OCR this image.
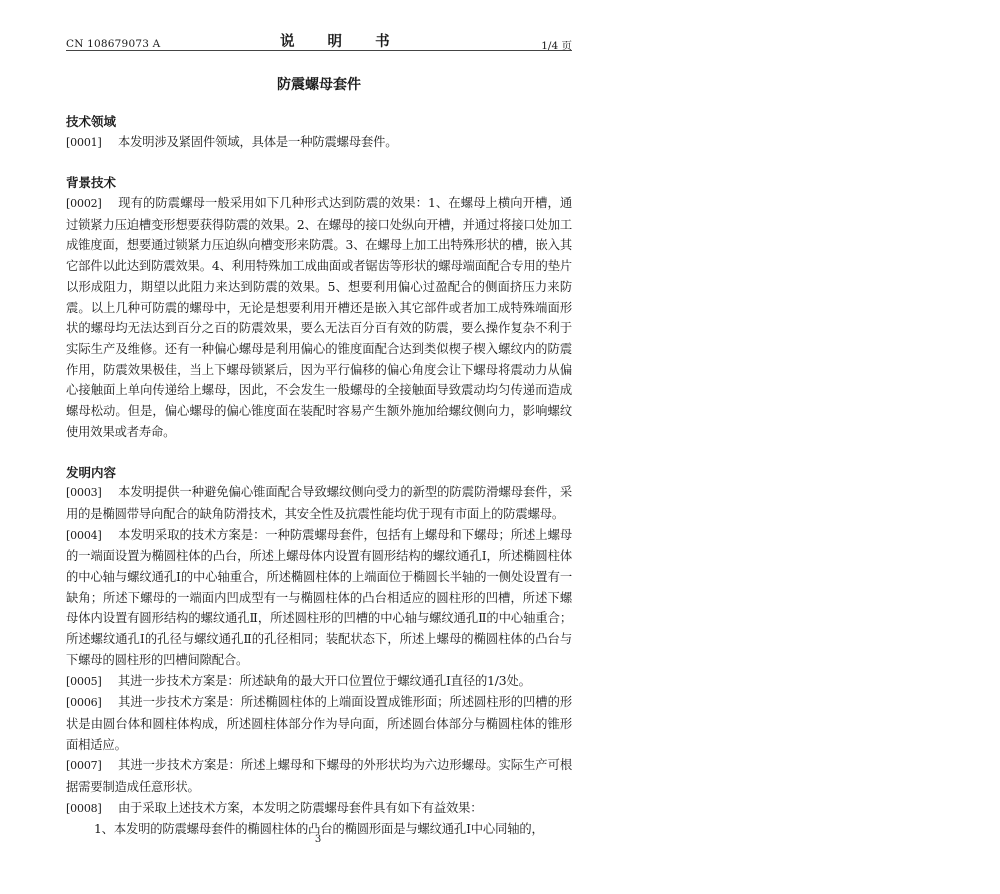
CN 108679073 A	说 明 书	1/4 页
防震螺母套件
技术领域
[0001] 本发明涉及紧固件领域，具体是一种防震螺母套件。
背景技术
[0002] 现有的防震螺母一般采用如下几种形式达到防震的效果：1、在螺母上横向开槽，通过锁紧力压迫槽变形想要获得防震的效果。2、在螺母的接口处纵向开槽，并通过将接口处加工成锥度面，想要通过锁紧力压迫纵向槽变形来防震。3、在螺母上加工出特殊形状的槽，嵌入其它部件以此达到防震效果。4、利用特殊加工成曲面或者锯齿等形状的螺母端面配合专用的垫片以形成阻力，期望以此阻力来达到防震的效果。5、想要利用偏心过盈配合的侧面挤压力来防震。以上几种可防震的螺母中，无论是想要利用开槽还是嵌入其它部件或者加工成特殊端面形状的螺母均无法达到百分之百的防震效果，要么无法百分百有效的防震，要么操作复杂不利于实际生产及维修。还有一种偏心螺母是利用偏心的锥度面配合达到类似楔子楔入螺纹内的防震作用，防震效果极佳，当上下螺母锁紧后，因为平行偏移的偏心角度会让下螺母将震动力从偏心接触面上单向传递给上螺母，因此，不会发生一般螺母的全接触面导致震动均匀传递而造成螺母松动。但是，偏心螺母的偏心锥度面在装配时容易产生额外施加给螺纹侧向力，影响螺纹使用效果或者寿命。
发明内容
[0003] 本发明提供一种避免偏心锥面配合导致螺纹侧向受力的新型的防震防滑螺母套件，采用的是椭圆带导向配合的缺角防滑技术，其安全性及抗震性能均优于现有市面上的防震螺母。
[0004] 本发明采取的技术方案是：一种防震螺母套件，包括有上螺母和下螺母；所述上螺母的一端面设置为椭圆柱体的凸台，所述上螺母体内设置有圆形结构的螺纹通孔Ⅰ，所述椭圆柱体的中心轴与螺纹通孔Ⅰ的中心轴重合，所述椭圆柱体的上端面位于椭圆长半轴的一侧处设置有一缺角；所述下螺母的一端面内凹成型有一与椭圆柱体的凸台相适应的圆柱形的凹槽，所述下螺母体内设置有圆形结构的螺纹通孔Ⅱ，所述圆柱形的凹槽的中心轴与螺纹通孔Ⅱ的中心轴重合；所述螺纹通孔Ⅰ的孔径与螺纹通孔Ⅱ的孔径相同；装配状态下，所述上螺母的椭圆柱体的凸台与下螺母的圆柱形的凹槽间隙配合。
[0005] 其进一步技术方案是：所述缺角的最大开口位置位于螺纹通孔Ⅰ直径的1/3处。
[0006] 其进一步技术方案是：所述椭圆柱体的上端面设置成锥形面；所述圆柱形的凹槽的形状是由圆台体和圆柱体构成，所述圆柱体部分作为导向面，所述圆台体部分与椭圆柱体的锥形面相适应。
[0007] 其进一步技术方案是：所述上螺母和下螺母的外形状均为六边形螺母。实际生产可根据需要制造成任意形状。
[0008] 由于采取上述技术方案，本发明之防震螺母套件具有如下有益效果：
1、本发明的防震螺母套件的椭圆柱体的凸台的椭圆形面是与螺纹通孔Ⅰ中心同轴的，
3
